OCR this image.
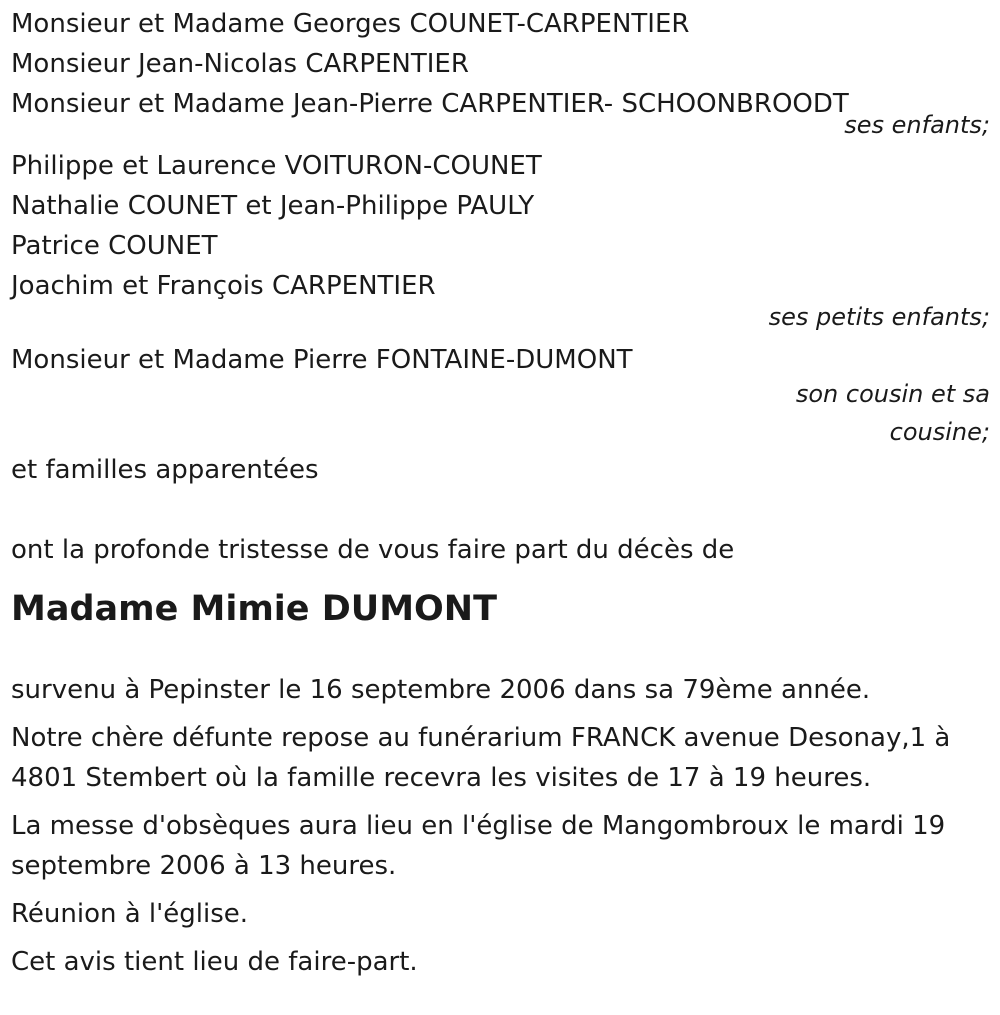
Monsieur et Madame Georges COUNET-CARPENTIER
Monsieur Jean-Nicolas CARPENTIER
Monsieur et Madame Jean-Pierre CARPENTIER- SCHOONBROODT
ses enfants;
Philippe et Laurence VOITURON-COUNET
Nathalie COUNET et Jean-Philippe PAULY
Patrice COUNET
Joachim et François CARPENTIER
ses petits enfants;
Monsieur et Madame Pierre FONTAINE-DUMONT
son cousin et sa
cousine;
et familles apparentées
ont la profonde tristesse de vous faire part du décès de
Madame Mimie DUMONT
survenu à Pepinster le 16 septembre 2006 dans sa 79ème année.
Notre chère défunte repose au funérarium FRANCK avenue Desonay,1 à 4801 Stembert où la famille recevra les visites de 17 à 19 heures.
La messe d'obsèques aura lieu en l'église de Mangombroux le mardi 19 septembre 2006 à 13 heures.
Réunion à l'église.
Cet avis tient lieu de faire-part.
